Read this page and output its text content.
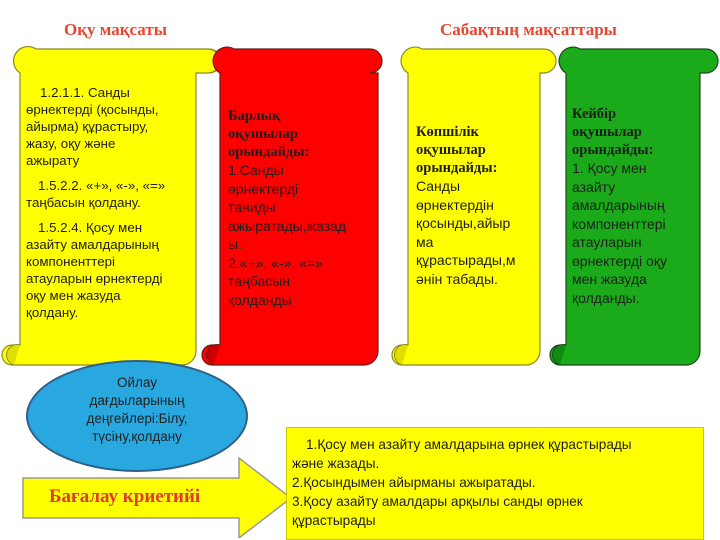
Оқу мақсаты	Сабақтың мақсаттары

1.2.1.1. Санды

өрнектерді (қосынды,

айырма) құрастыру,

жазу, оқу және

ажырату

1.5.2.2. «+», «-», «=»

таңбасын қолдану.

1.5.2.4. Қосу мен

азайту амалдарының

компоненттері

атауларын өрнектерді

оқу мен жазуда

қолдану.

Барлық

оқушылар

орындайды:

1.Санды

өрнектерді

таниды

ажыратады,жазад

ы.

2.«+», «-», «=»

таңбасын

қолданды

Көпшілік

оқушылар

орындайды:

Санды

өрнектердін

қосынды,айыр

ма

құрастырады,м

әнін табады.

Кейбір

оқушылар

орындайды:

1. Қосу мен

азайту

амалдарының

компоненттері

атауларын

өрнектерді оқу

мен жазуда

қолданды.

Ойлау
дағдыларының
деңгейлері:Білу,
түсіну,қолдану
Бағалау криетийі

1.Қосу мен азайту амалдарына өрнек құрастырады

және жазады.

2.Қосындымен айырманы ажыратады.

3.Қосу азайту амалдары арқылы санды өрнек

құрастырады
